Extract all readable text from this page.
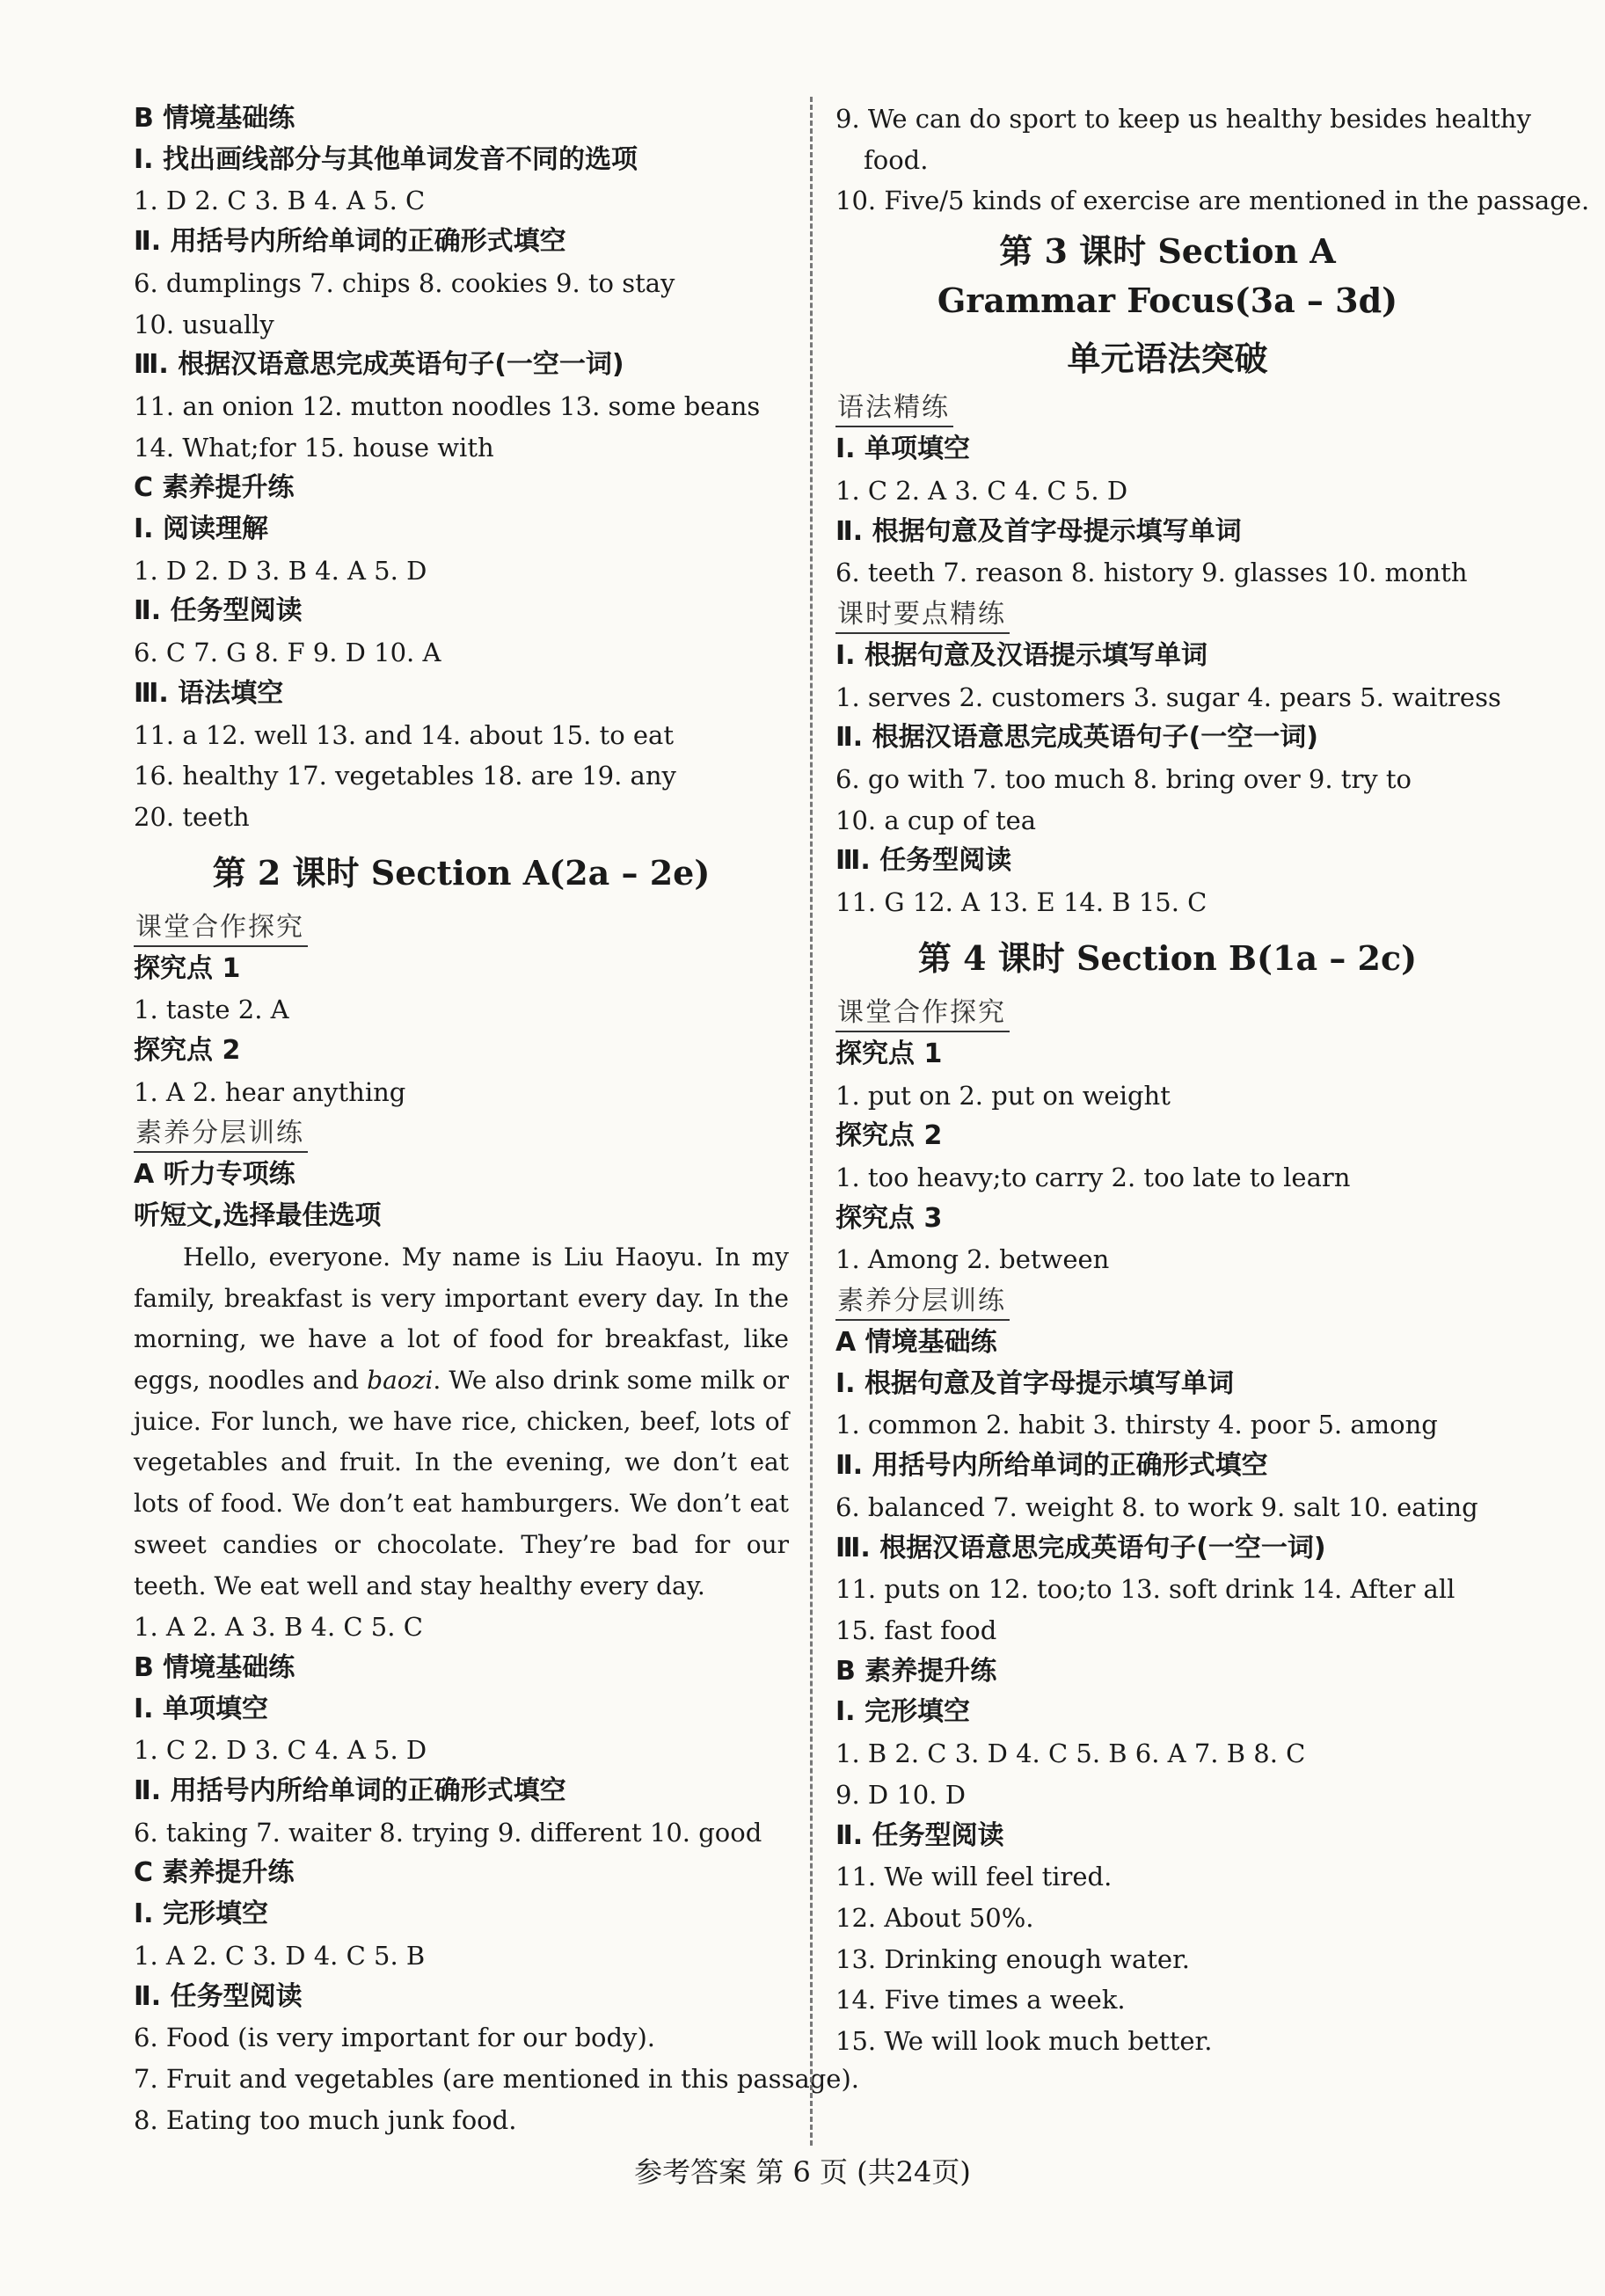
B 情境基础练
Ⅰ. 找出画线部分与其他单词发音不同的选项
1. D 2. C 3. B 4. A 5. C
Ⅱ. 用括号内所给单词的正确形式填空
6. dumplings 7. chips 8. cookies 9. to stay
10. usually
Ⅲ. 根据汉语意思完成英语句子(一空一词)
11. an onion 12. mutton noodles 13. some beans
14. What;for 15. house with
C 素养提升练
Ⅰ. 阅读理解
1. D 2. D 3. B 4. A 5. D
Ⅱ. 任务型阅读
6. C 7. G 8. F 9. D 10. A
Ⅲ. 语法填空
11. a 12. well 13. and 14. about 15. to eat
16. healthy 17. vegetables 18. are 19. any
20. teeth
第 2 课时 Section A(2a – 2e)
课堂合作探究
探究点 1
1. taste 2. A
探究点 2
1. A 2. hear anything
素养分层训练
A 听力专项练
听短文,选择最佳选项
Hello, everyone. My name is Liu Haoyu. In my family, breakfast is very important every day. In the morning, we have a lot of food for breakfast, like eggs, noodles and baozi. We also drink some milk or juice. For lunch, we have rice, chicken, beef, lots of vegetables and fruit. In the evening, we don’t eat lots of food. We don’t eat hamburgers. We don’t eat sweet candies or chocolate. They’re bad for our teeth. We eat well and stay healthy every day.
1. A 2. A 3. B 4. C 5. C
B 情境基础练
Ⅰ. 单项填空
1. C 2. D 3. C 4. A 5. D
Ⅱ. 用括号内所给单词的正确形式填空
6. taking 7. waiter 8. trying 9. different 10. good
C 素养提升练
Ⅰ. 完形填空
1. A 2. C 3. D 4. C 5. B
Ⅱ. 任务型阅读
6. Food (is very important for our body).
7. Fruit and vegetables (are mentioned in this passage).
8. Eating too much junk food.
9. We can do sport to keep us healthy besides healthy
food.
10. Five/5 kinds of exercise are mentioned in the passage.
第 3 课时 Section A
Grammar Focus(3a – 3d)
单元语法突破
语法精练
Ⅰ. 单项填空
1. C 2. A 3. C 4. C 5. D
Ⅱ. 根据句意及首字母提示填写单词
6. teeth 7. reason 8. history 9. glasses 10. month
课时要点精练
Ⅰ. 根据句意及汉语提示填写单词
1. serves 2. customers 3. sugar 4. pears 5. waitress
Ⅱ. 根据汉语意思完成英语句子(一空一词)
6. go with 7. too much 8. bring over 9. try to
10. a cup of tea
Ⅲ. 任务型阅读
11. G 12. A 13. E 14. B 15. C
第 4 课时 Section B(1a – 2c)
课堂合作探究
探究点 1
1. put on 2. put on weight
探究点 2
1. too heavy;to carry 2. too late to learn
探究点 3
1. Among 2. between
素养分层训练
A 情境基础练
Ⅰ. 根据句意及首字母提示填写单词
1. common 2. habit 3. thirsty 4. poor 5. among
Ⅱ. 用括号内所给单词的正确形式填空
6. balanced 7. weight 8. to work 9. salt 10. eating
Ⅲ. 根据汉语意思完成英语句子(一空一词)
11. puts on 12. too;to 13. soft drink 14. After all
15. fast food
B 素养提升练
Ⅰ. 完形填空
1. B 2. C 3. D 4. C 5. B 6. A 7. B 8. C
9. D 10. D
Ⅱ. 任务型阅读
11. We will feel tired.
12. About 50%.
13. Drinking enough water.
14. Five times a week.
15. We will look much better.
参考答案 第 6 页 (共24页)
